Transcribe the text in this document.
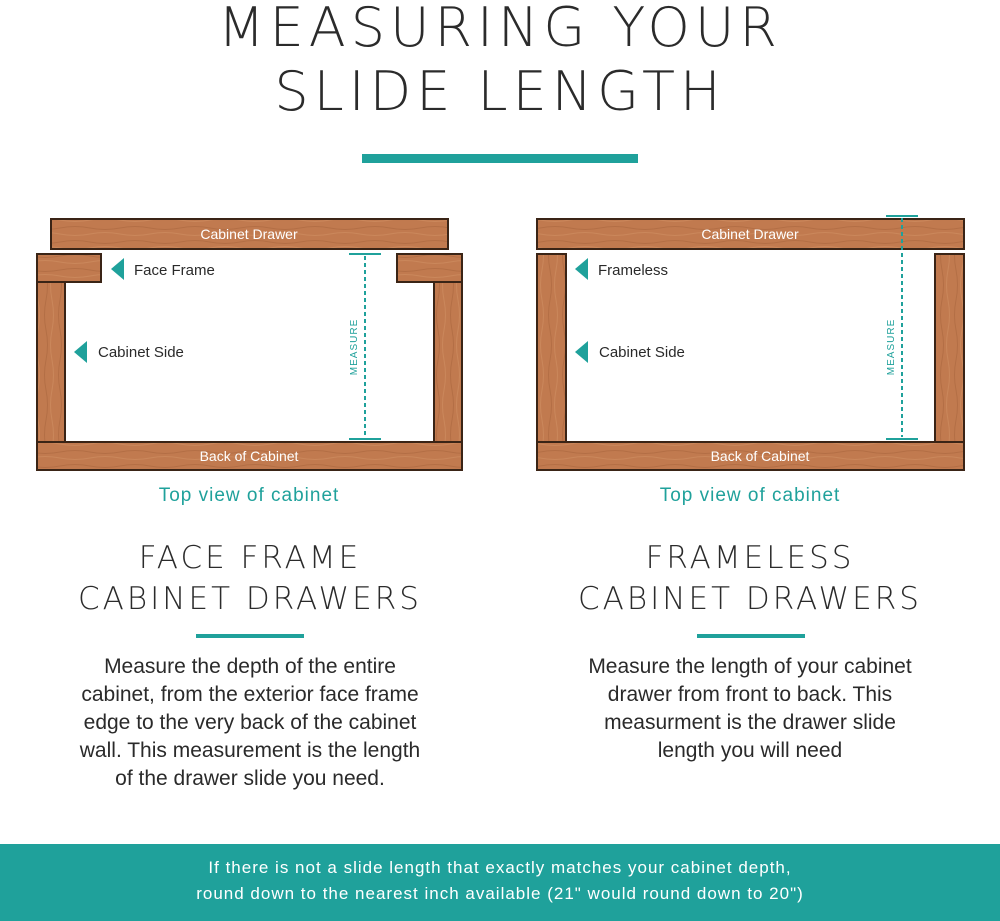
MEASURING YOUR
SLIDE LENGTH
Cabinet Drawer
Back of Cabinet
Face Frame
Cabinet Side	MEASURE
Cabinet Drawer
Back of Cabinet
Frameless
Cabinet Side	MEASURE
Top view of cabinet	Top view of cabinet
FACE FRAME
CABINET DRAWERS
FRAMELESS
CABINET DRAWERS
Measure the depth of the entire
cabinet, from the exterior face frame
edge to the very back of the cabinet
wall. This measurement is the length
of the drawer slide you need.
Measure the length of your cabinet
drawer from front to back. This
measurment is the drawer slide
length you will need
If there is not a slide length that exactly matches your cabinet depth,
round down to the nearest inch available (21" would round down to 20")
